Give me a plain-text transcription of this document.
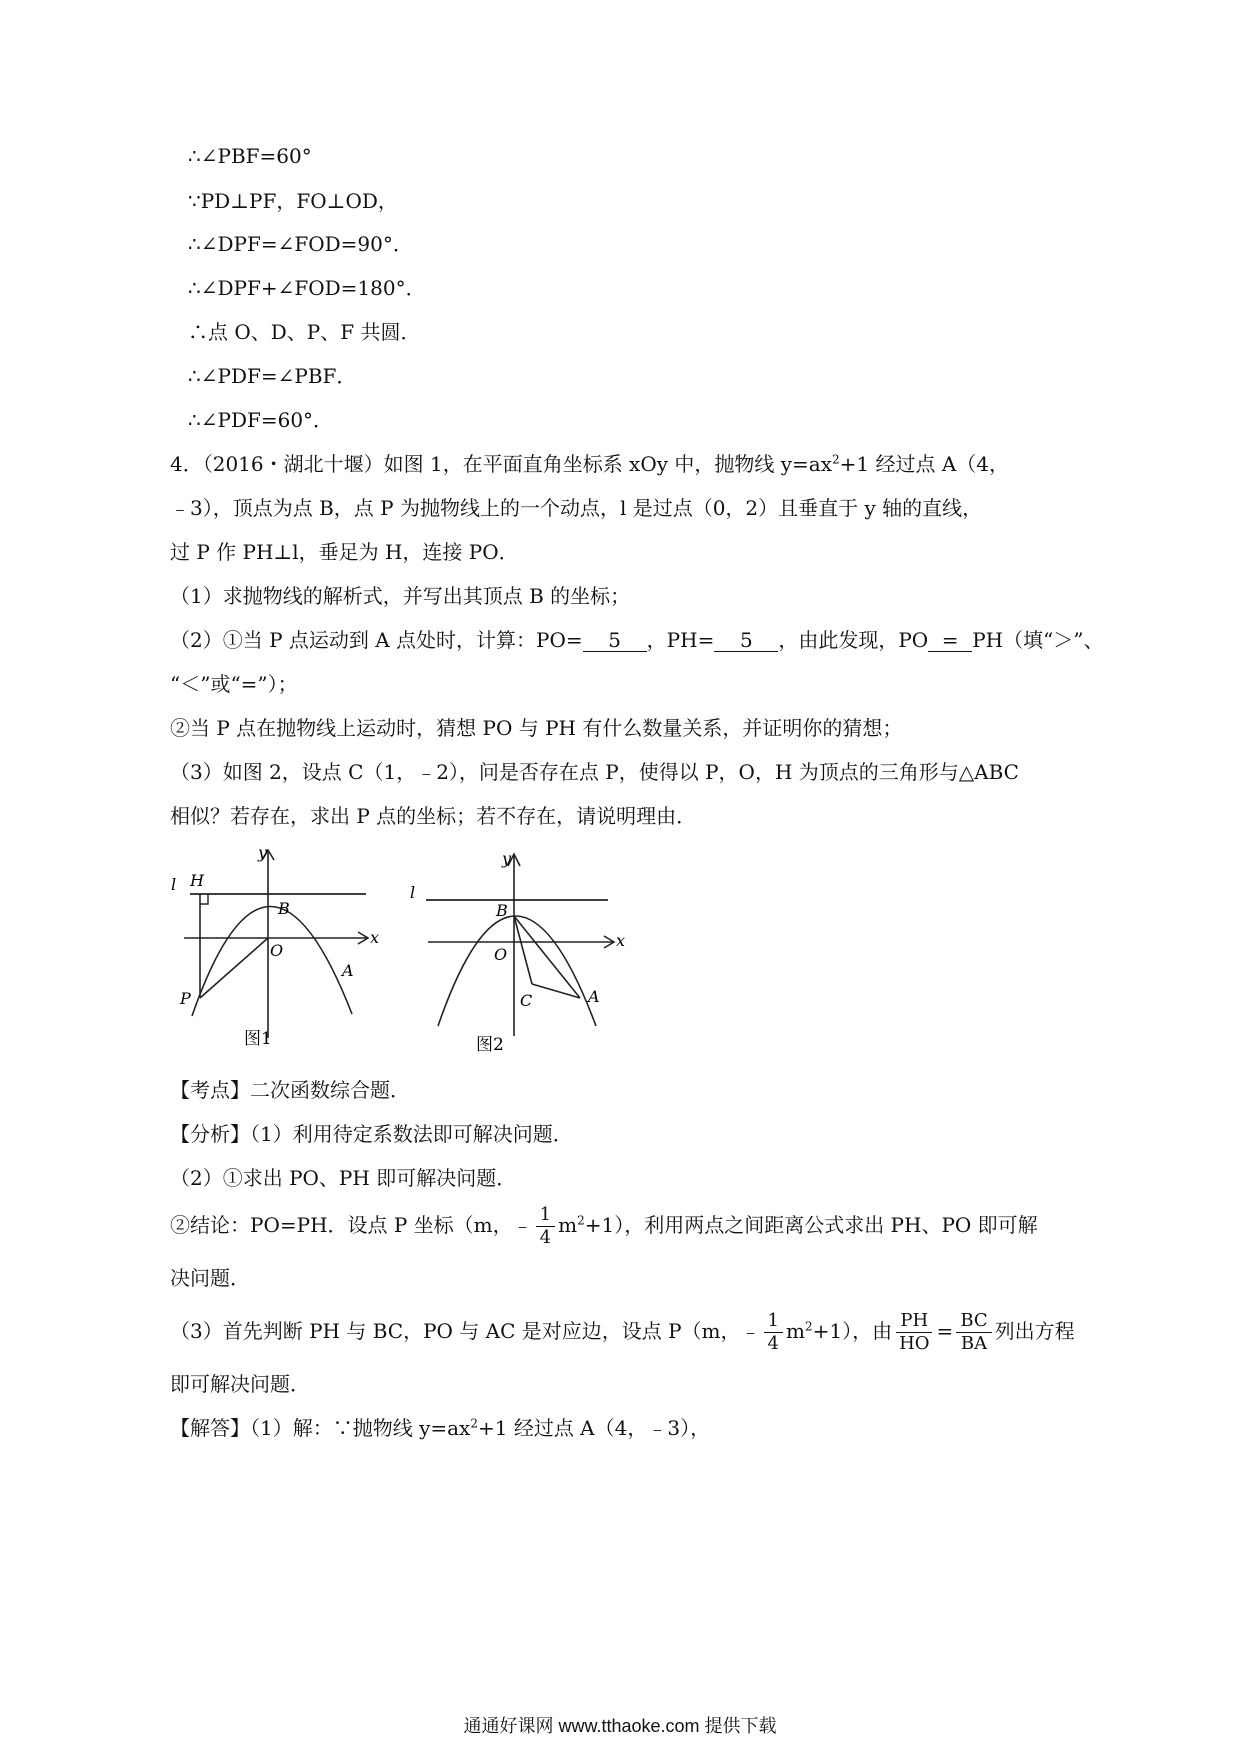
∴∠PBF=60°
∵PD⊥PF，FO⊥OD，
∴∠DPF=∠FOD=90°．
∴∠DPF+∠FOD=180°．
∴点 O、D、P、F 共圆．
∴∠PDF=∠PBF．
∴∠PDF=60°．
4．（2016・湖北十堰）如图 1，在平面直角坐标系 xOy 中，抛物线 $y=ax^2+1$ 经过点 A（4，
﹣3），顶点为点 B，点 P 为抛物线上的一个动点，l 是过点（0，2）且垂直于 y 轴的直线，
过 P 作 PH⊥l，垂足为 H，连接 PO．
（1）求抛物线的解析式，并写出其顶点 B 的坐标；
（2）①当 P 点运动到 A 点处时，计算：PO= 5 ，PH= 5 ，由此发现，PO = PH（填“＞”、
“＜”或“=”）；
②当 P 点在抛物线上运动时，猜想 PO 与 PH 有什么数量关系，并证明你的猜想；
（3）如图 2，设点 C（1，﹣2），问是否存在点 P，使得以 P，O，H 为顶点的三角形与△ABC
相似？若存在，求出 P 点的坐标；若不存在，请说明理由．
l H
y
B
x
O
A
P
图1
l
y
B
x
O
C	A
图2
【考点】二次函数综合题．
【分析】（1）利用待定系数法即可解决问题．
（2）①求出 PO、PH 即可解决问题．
②结论：PO=PH．设点 P 坐标（m，﹣ $\frac{1}{4} m^2+1$），利用两点之间距离公式求出 PH、PO 即可解
决问题．
（3）首先判断 PH 与 BC，PO 与 AC 是对应边，设点 P（m，﹣ $\frac{1}{4} m^2+1$），由 $\frac{PH}{HO} = \frac{BC}{BA}$ 列出方程
即可解决问题．
【解答】（1）解：∵抛物线 $y=ax^2+1$ 经过点 A（4，﹣3），
通通好课网 www.tthaoke.com 提供下载
